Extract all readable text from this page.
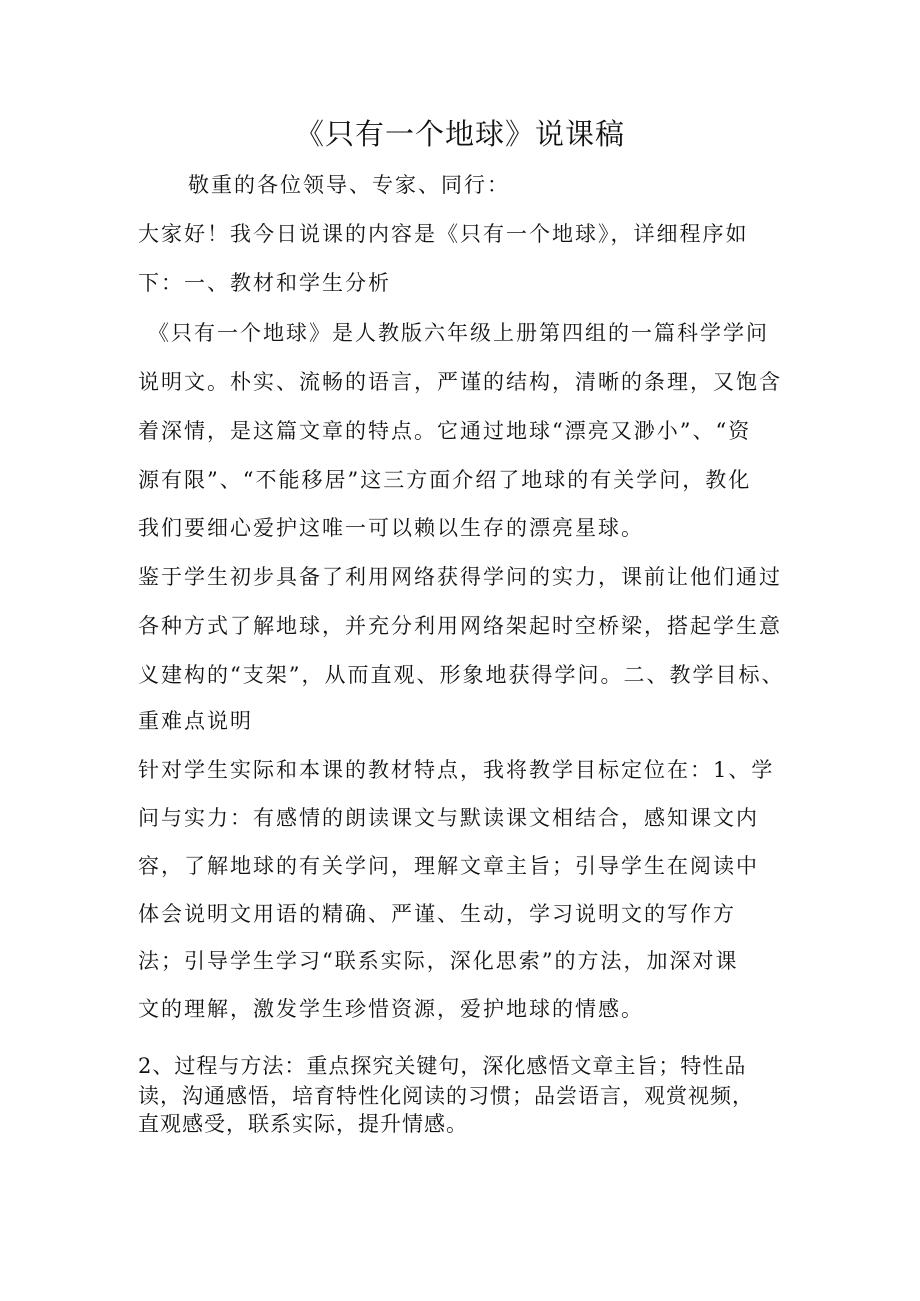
《只有一个地球》说课稿

敬重的各位领导、专家、同行：

大家好！我今日说课的内容是《只有一个地球》，详细程序如

下：一、教材和学生分析

《只有一个地球》是人教版六年级上册第四组的一篇科学学问

说明文。朴实、流畅的语言，严谨的结构，清晰的条理，又饱含

着深情，是这篇文章的特点。它通过地球“漂亮又渺小”、“资

源有限”、“不能移居”这三方面介绍了地球的有关学问，教化

我们要细心爱护这唯一可以赖以生存的漂亮星球。

鉴于学生初步具备了利用网络获得学问的实力，课前让他们通过

各种方式了解地球，并充分利用网络架起时空桥梁，搭起学生意

义建构的“支架”，从而直观、形象地获得学问。二、教学目标、

重难点说明

针对学生实际和本课的教材特点，我将教学目标定位在：1、学

问与实力：有感情的朗读课文与默读课文相结合，感知课文内

容，了解地球的有关学问，理解文章主旨；引导学生在阅读中

体会说明文用语的精确、严谨、生动，学习说明文的写作方

法；引导学生学习“联系实际，深化思索”的方法，加深对课

文的理解，激发学生珍惜资源，爱护地球的情感。

2、过程与方法：重点探究关键句，深化感悟文章主旨；特性品

读，沟通感悟，培育特性化阅读的习惯；品尝语言，观赏视频，

直观感受，联系实际，提升情感。
